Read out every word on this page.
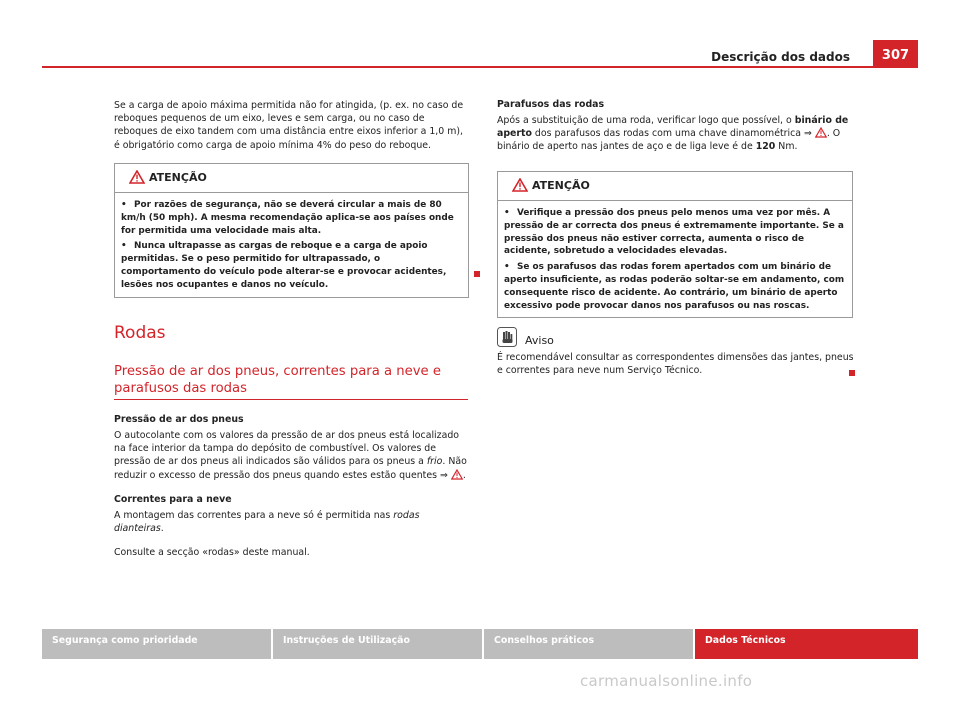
Descrição dos dados	307

Se a carga de apoio máxima permitida não for atingida, (p. ex. no caso de reboques pequenos de um eixo, leves e sem carga, ou no caso de reboques de eixo tandem com uma distância entre eixos inferior a 1,0 m), é obrigatório como carga de apoio mínima 4% do peso do reboque.

ATENÇÃO

• Por razões de segurança, não se deverá circular a mais de 80 km/h (50 mph). A mesma recomendação aplica-se aos países onde for permitida uma velocidade mais alta.

• Nunca ultrapasse as cargas de reboque e a carga de apoio permitidas. Se o peso permitido for ultrapassado, o comportamento do veículo pode alterar-se e provocar acidentes, lesões nos ocupantes e danos no veículo.

Rodas
Pressão de ar dos pneus, correntes para a neve e parafusos das rodas

Pressão de ar dos pneus

O autocolante com os valores da pressão de ar dos pneus está localizado na face interior da tampa do depósito de combustível. Os valores de pressão de ar dos pneus ali indicados são válidos para os pneus a frio. Não reduzir o excesso de pressão dos pneus quando estes estão quentes ⇒ .

Correntes para a neve

A montagem das correntes para a neve só é permitida nas rodas dianteiras.

Consulte a secção «rodas» deste manual.

Parafusos das rodas

Após a substituição de uma roda, verificar logo que possível, o binário de aperto dos parafusos das rodas com uma chave dinamométrica ⇒ . O binário de aperto nas jantes de aço e de liga leve é de 120 Nm.

ATENÇÃO

• Verifique a pressão dos pneus pelo menos uma vez por mês. A pressão de ar correcta dos pneus é extremamente importante. Se a pressão dos pneus não estiver correcta, aumenta o risco de acidente, sobretudo a velocidades elevadas.

• Se os parafusos das rodas forem apertados com um binário de aperto insuficiente, as rodas poderão soltar-se em andamento, com consequente risco de acidente. Ao contrário, um binário de aperto excessivo pode provocar danos nos parafusos ou nas roscas.

Aviso

É recomendável consultar as correspondentes dimensões das jantes, pneus e correntes para neve num Serviço Técnico.

Segurança como prioridade	Instruções de Utilização	Conselhos práticos	Dados Técnicos
carmanualsonline.info
